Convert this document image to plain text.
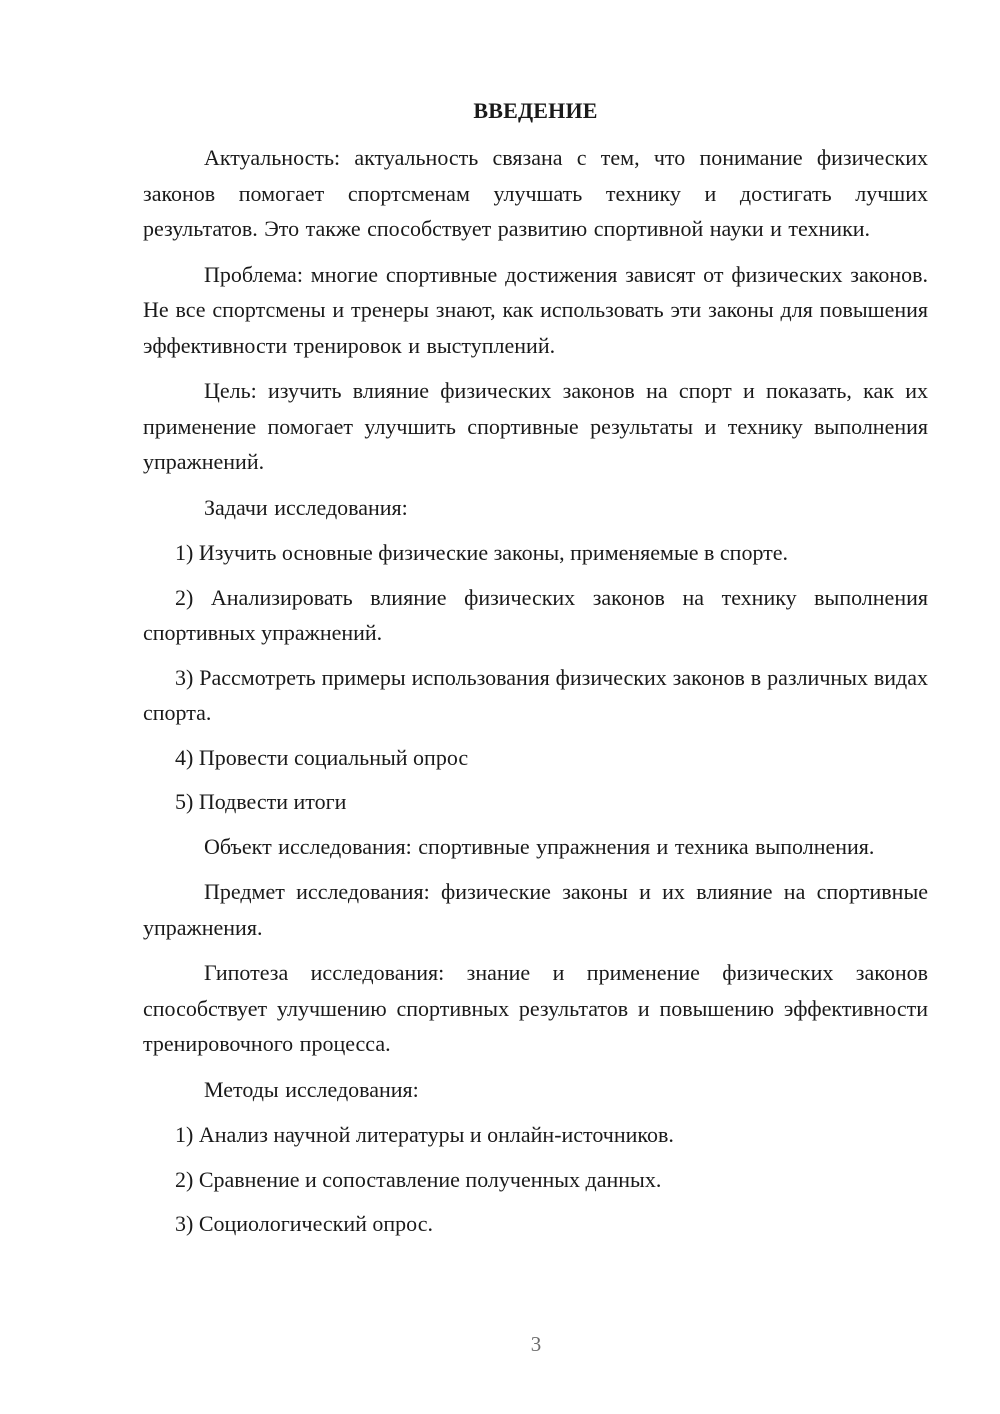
ВВЕДЕНИЕ

Актуальность: актуальность связана с тем, что понимание физических законов помогает спортсменам улучшать технику и достигать лучших результатов. Это также способствует развитию спортивной науки и техники.

Проблема: многие спортивные достижения зависят от физических законов. Не все спортсмены и тренеры знают, как использовать эти законы для повышения эффективности тренировок и выступлений.

Цель: изучить влияние физических законов на спорт и показать, как их применение помогает улучшить спортивные результаты и технику выполнения упражнений.

Задачи исследования:

1) Изучить основные физические законы, применяемые в спорте.

2) Анализировать влияние физических законов на технику выполнения спортивных упражнений.

3) Рассмотреть примеры использования физических законов в различных видах спорта.

4) Провести социальный опрос

5) Подвести итоги

Объект исследования: спортивные упражнения и техника выполнения.

Предмет исследования: физические законы и их влияние на спортивные упражнения.

Гипотеза исследования: знание и применение физических законов способствует улучшению спортивных результатов и повышению эффективности тренировочного процесса.

Методы исследования:

1) Анализ научной литературы и онлайн-источников.

2) Сравнение и сопоставление полученных данных.

3) Социологический опрос.

3
